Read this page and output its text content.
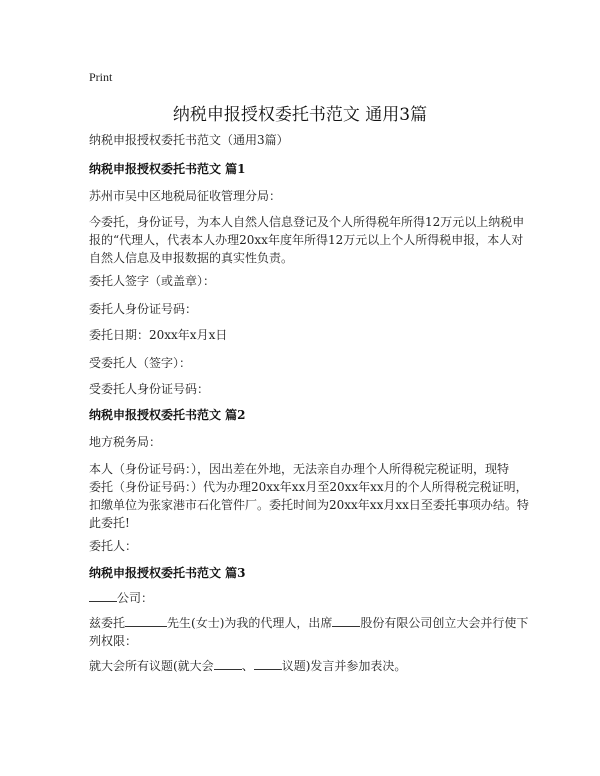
Print
纳税申报授权委托书范文 通用3篇
纳税申报授权委托书范文（通用3篇）
纳税申报授权委托书范文 篇1
苏州市吴中区地税局征收管理分局：
今委托，身份证号，为本人自然人信息登记及个人所得税年所得12万元以上纳税申
报的“代理人，代表本人办理20xx年度年所得12万元以上个人所得税申报，本人对
自然人信息及申报数据的真实性负责。
委托人签字（或盖章）：
委托人身份证号码：
委托日期：20xx年x月x日
受委托人（签字）：
受委托人身份证号码：
纳税申报授权委托书范文 篇2
地方税务局：
本人（身份证号码：），因出差在外地，无法亲自办理个人所得税完税证明，现特
委托（身份证号码：）代为办理20xx年xx月至20xx年xx月的个人所得税完税证明，
扣缴单位为张家港市石化管件厂。委托时间为20xx年xx月xx日至委托事项办结。特
此委托!
委托人：
纳税申报授权委托书范文 篇3
公司：
兹委托	先生(女士)为我的代理人，出席 股份有限公司创立大会并行使下
列权限：
就大会所有议题(就大会 、 议题)发言并参加表决。
